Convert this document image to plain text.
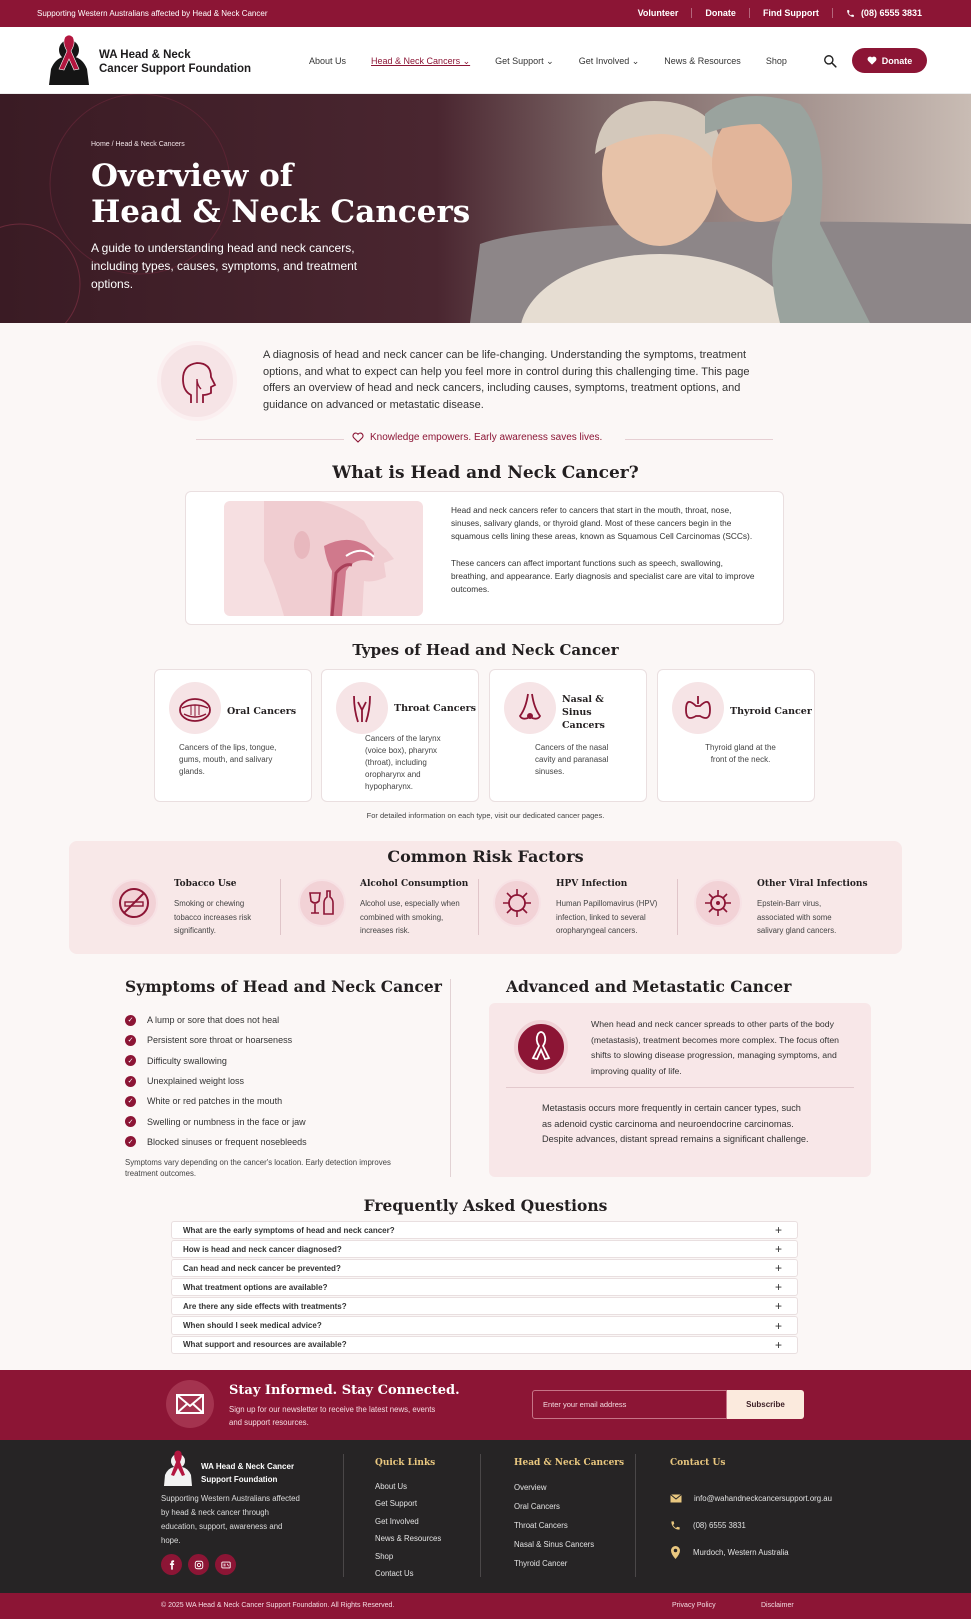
Supporting Western Australians affected by Head & Neck Cancer	Volunteer	Donate	Find Support	(08) 6555 3831
WA Head & Neck
Cancer Support Foundation
About Us	Head & Neck Cancers ⌄	Get Support ⌄	Get Involved ⌄	News & Resources	Shop	Donate
Home / Head & Neck Cancers
Overview of
Head & Neck Cancers
A guide to understanding head and neck cancers, including types, causes, symptoms, and treatment options.
A diagnosis of head and neck cancer can be life-changing. Understanding the symptoms, treatment options, and what to expect can help you feel more in control during this challenging time. This page offers an overview of head and neck cancers, including causes, symptoms, treatment options, and guidance on advanced or metastatic disease.
Knowledge empowers. Early awareness saves lives.
What is Head and Neck Cancer?

Head and neck cancers refer to cancers that start in the mouth, throat, nose, sinuses, salivary glands, or thyroid gland. Most of these cancers begin in the squamous cells lining these areas, known as Squamous Cell Carcinomas (SCCs).

These cancers can affect important functions such as speech, swallowing, breathing, and appearance. Early diagnosis and specialist care are vital to improve outcomes.

Types of Head and Neck Cancer
Oral Cancers
Cancers of the lips, tongue, gums, mouth, and salivary glands.
Throat Cancers
Cancers of the larynx (voice box), pharynx (throat), including oropharynx and hypopharynx.
Nasal & Sinus Cancers
Cancers of the nasal cavity and paranasal sinuses.
Thyroid Cancer
Thyroid gland at the front of the neck.
For detailed information on each type, visit our dedicated cancer pages.
Common Risk Factors
Tobacco Use
Smoking or chewing tobacco increases risk significantly.
Alcohol Consumption
Alcohol use, especially when combined with smoking, increases risk.
HPV Infection
Human Papillomavirus (HPV) infection, linked to several oropharyngeal cancers.
Other Viral Infections
Epstein-Barr virus, associated with some salivary gland cancers.
Symptoms of Head and Neck Cancer
✓ A lump or sore that does not heal
✓ Persistent sore throat or hoarseness
✓ Difficulty swallowing
✓ Unexplained weight loss
✓ White or red patches in the mouth
✓ Swelling or numbness in the face or jaw
✓ Blocked sinuses or frequent nosebleeds
Symptoms vary depending on the cancer's location. Early detection improves treatment outcomes.
Advanced and Metastatic Cancer
When head and neck cancer spreads to other parts of the body (metastasis), treatment becomes more complex. The focus often shifts to slowing disease progression, managing symptoms, and improving quality of life.
Metastasis occurs more frequently in certain cancer types, such as adenoid cystic carcinoma and neuroendocrine carcinomas. Despite advances, distant spread remains a significant challenge.
Frequently Asked Questions
What are the early symptoms of head and neck cancer?	+
How is head and neck cancer diagnosed?	+
Can head and neck cancer be prevented?	+
What treatment options are available?	+
Are there any side effects with treatments?	+
When should I seek medical advice?	+
What support and resources are available?	+
Stay Informed. Stay Connected.
Sign up for our newsletter to receive the latest news, events and support resources.
Enter your email address
Subscribe
WA Head & Neck Cancer
Support Foundation
Supporting Western Australians affected by head & neck cancer through education, support, awareness and hope.
Quick Links
About Us
Get Support
Get Involved
News & Resources
Shop
Contact Us
Head & Neck Cancers
Overview
Oral Cancers
Throat Cancers
Nasal & Sinus Cancers
Thyroid Cancer
Contact Us
info@wahandneckcancersupport.org.au
(08) 6555 3831
Murdoch, Western Australia
© 2025 WA Head & Neck Cancer Support Foundation. All Rights Reserved.	Privacy Policy	Disclaimer
